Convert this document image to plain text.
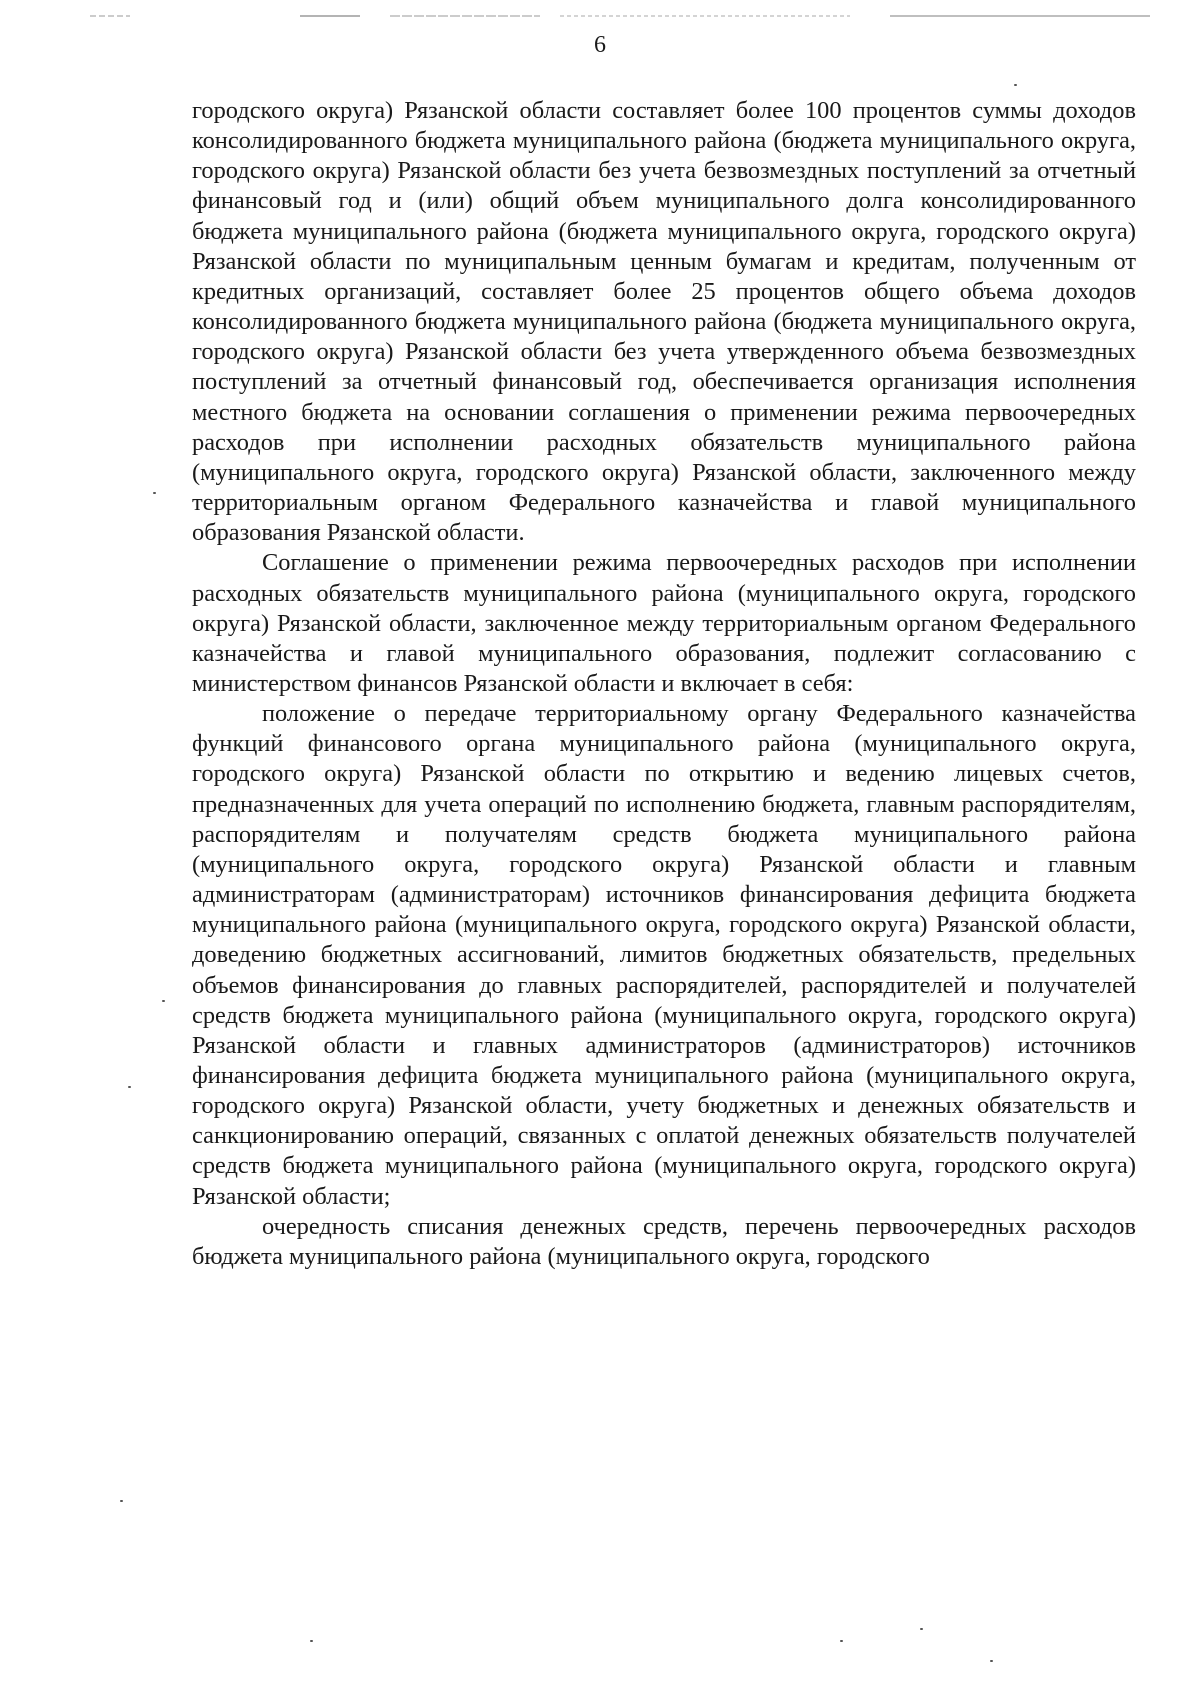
6

городского округа) Рязанской области составляет более 100 процентов суммы доходов консолидированного бюджета муниципального района (бюджета муниципального округа, городского округа) Рязанской области без учета безвозмездных поступлений за отчетный финансовый год и (или) общий объем муниципального долга консолидированного бюджета муниципального района (бюджета муниципального округа, городского округа) Рязанской области по муниципальным ценным бумагам и кредитам, полученным от кредитных организаций, составляет более 25 процентов общего объема доходов консолидированного бюджета муниципального района (бюджета муниципального округа, городского округа) Рязанской области без учета утвержденного объема безвозмездных поступлений за отчетный финансовый год, обеспечивается организация исполнения местного бюджета на основании соглашения о применении режима первоочередных расходов при исполнении расходных обязательств муниципального района (муниципального округа, городского округа) Рязанской области, заключенного между территориальным органом Федерального казначейства и главой муниципального образования Рязанской области.

Соглашение о применении режима первоочередных расходов при исполнении расходных обязательств муниципального района (муниципального округа, городского округа) Рязанской области, заключенное между территориальным органом Федерального казначейства и главой муниципального образования, подлежит согласованию с министерством финансов Рязанской области и включает в себя:

положение о передаче территориальному органу Федерального казначейства функций финансового органа муниципального района (муниципального округа, городского округа) Рязанской области по открытию и ведению лицевых счетов, предназначенных для учета операций по исполнению бюджета, главным распорядителям, распорядителям и получателям средств бюджета муниципального района (муниципального округа, городского округа) Рязанской области и главным администраторам (администраторам) источников финансирования дефицита бюджета муниципального района (муниципального округа, городского округа) Рязанской области, доведению бюджетных ассигнований, лимитов бюджетных обязательств, предельных объемов финансирования до главных распорядителей, распорядителей и получателей средств бюджета муниципального района (муниципального округа, городского округа) Рязанской области и главных администраторов (администраторов) источников финансирования дефицита бюджета муниципального района (муниципального округа, городского округа) Рязанской области, учету бюджетных и денежных обязательств и санкционированию операций, связанных с оплатой денежных обязательств получателей средств бюджета муниципального района (муниципального округа, городского округа) Рязанской области;

очередность списания денежных средств, перечень первоочередных расходов бюджета муниципального района (муниципального округа, городского
